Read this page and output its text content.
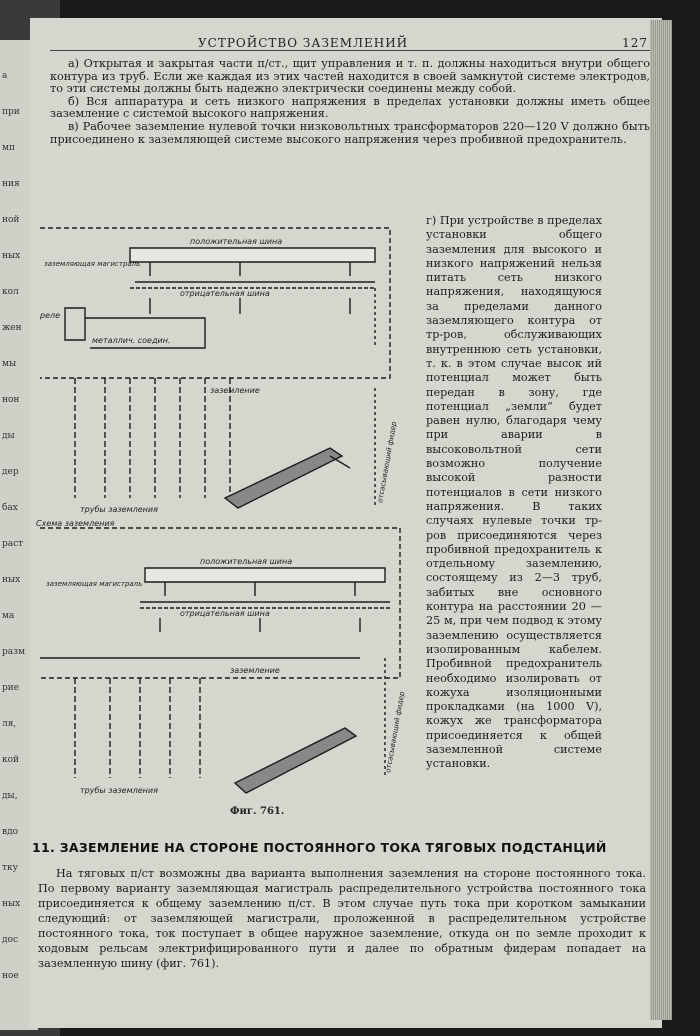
а
при
мп
ния
ной
ных
кол
жен
мы
нон
ды
дер
бах
раст
ных
ма
разм
рие
ля,
кой
ды,
вдо
тку
ных
дос
ное
УСТРОЙСТВО ЗАЗЕМЛЕНИЙ	127

а) Открытая и закрытая части п/ст., щит управления и т. п. должны находиться внутри общего контура из труб. Если же каждая из этих частей находится в своей замкнутой системе электродов, то эти системы должны быть надежно электрически соединены между собой.

б) Вся аппаратура и сеть низкого напряжения в пределах установки должны иметь общее заземление с системой высокого напряжения.

в) Рабочее заземление нулевой точки низковольтных трансформаторов 220—120 V должно быть присоединено к заземляющей системе высокого напряжения через пробивной предохранитель.

г) При устройстве в пределах установки общего заземления для высокого и низкого напряжений нельзя питать сеть низкого напряжения, находящуюся за пределами данного заземляющего контура от тр-ров, обслуживающих внутреннюю сеть установки, т. к. в этом случае высок ий потенциал может быть передан в зону, где потенциал „земли“ будет равен нулю, благодаря чему при аварии в высоковольтной сети возможно получение высокой разности потенциалов в сети низкого напряжения. В таких случаях нулевые точки тр-ров присоединяются через пробивной предохранитель к отдельному заземлению, состоящему из 2—3 труб, забитых вне основного контура на расстоянии 20 — 25 м, при чем подвод к этому заземлению осуществляется изолированным кабелем. Пробивной предохранитель необходимо изолировать от кожуха изоляционными прокладками (на 1000 V), кожух же трансформатора присоединяется к общей заземленной системе установки.
положительная шина
заземляющая магистраль
отрицательная шина
реле
металлич. соедин.
заземление
трубы заземления
Схема заземления
положительная шина
заземляющая магистраль
отрицательная шина
заземление
трубы заземления
отсасывающий фидер
отсасывающий фидер
Фиг. 761.
11. ЗАЗЕМЛЕНИЕ НА СТОРОНЕ ПОСТОЯННОГО ТОКА ТЯГОВЫХ ПОДСТАНЦИЙ

На тяговых п/ст возможны два варианта выполнения заземления на стороне постоянного тока. По первому варианту заземляющая магистраль распределительного устройства постоянного тока присоединяется к общему заземлению п/ст. В этом случае путь тока при коротком замыкании следующий: от заземляющей магистрали, проложенной в распределительном устройстве постоянного тока, ток поступает в общее наружное заземление, откуда он по земле проходит к ходовым рельсам электрифицированного пути и далее по обратным фидерам попадает на заземленную шину (фиг. 761).
